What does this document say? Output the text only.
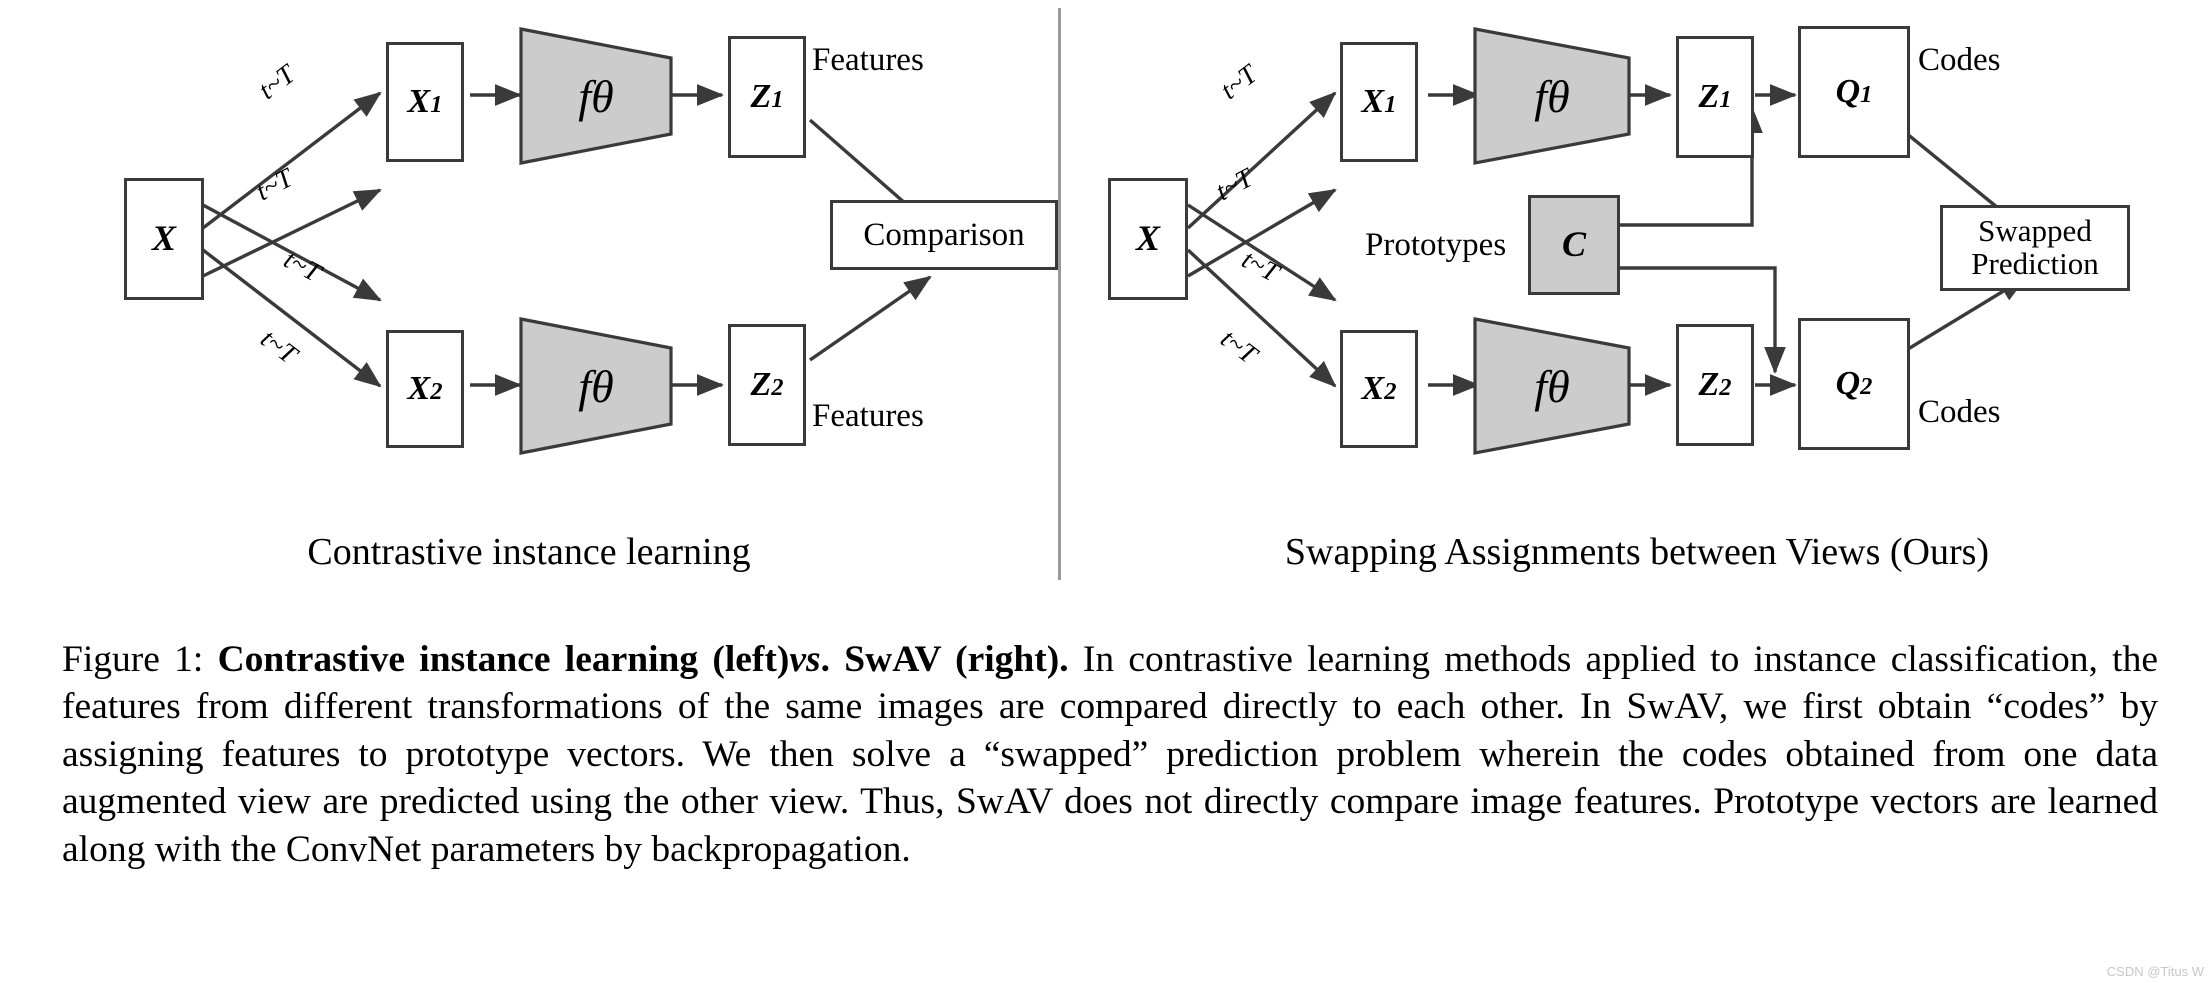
X
X1
X2
fθ
fθ
Z1
Z2
Comparison
t~T
t~T
t~T
t~T
Features
Features
X
X1
X2
fθ
fθ
Z1
Z2
Q1
Q2
C	Swapped
Prediction
t~T
t~T
t~T
t~T
Codes
Codes
Prototypes
Contrastive instance learning	Swapping Assignments between Views (Ours)
Figure 1: Contrastive instance learning (left)vs. SwAV (right). In contrastive learning methods applied to instance classification, the features from different transformations of the same images are compared directly to each other. In SwAV, we first obtain “codes” by assigning features to prototype vectors. We then solve a “swapped” prediction problem wherein the codes obtained from one data augmented view are predicted using the other view. Thus, SwAV does not directly compare image features. Prototype vectors are learned along with the ConvNet parameters by backpropagation.
CSDN @Titus W
